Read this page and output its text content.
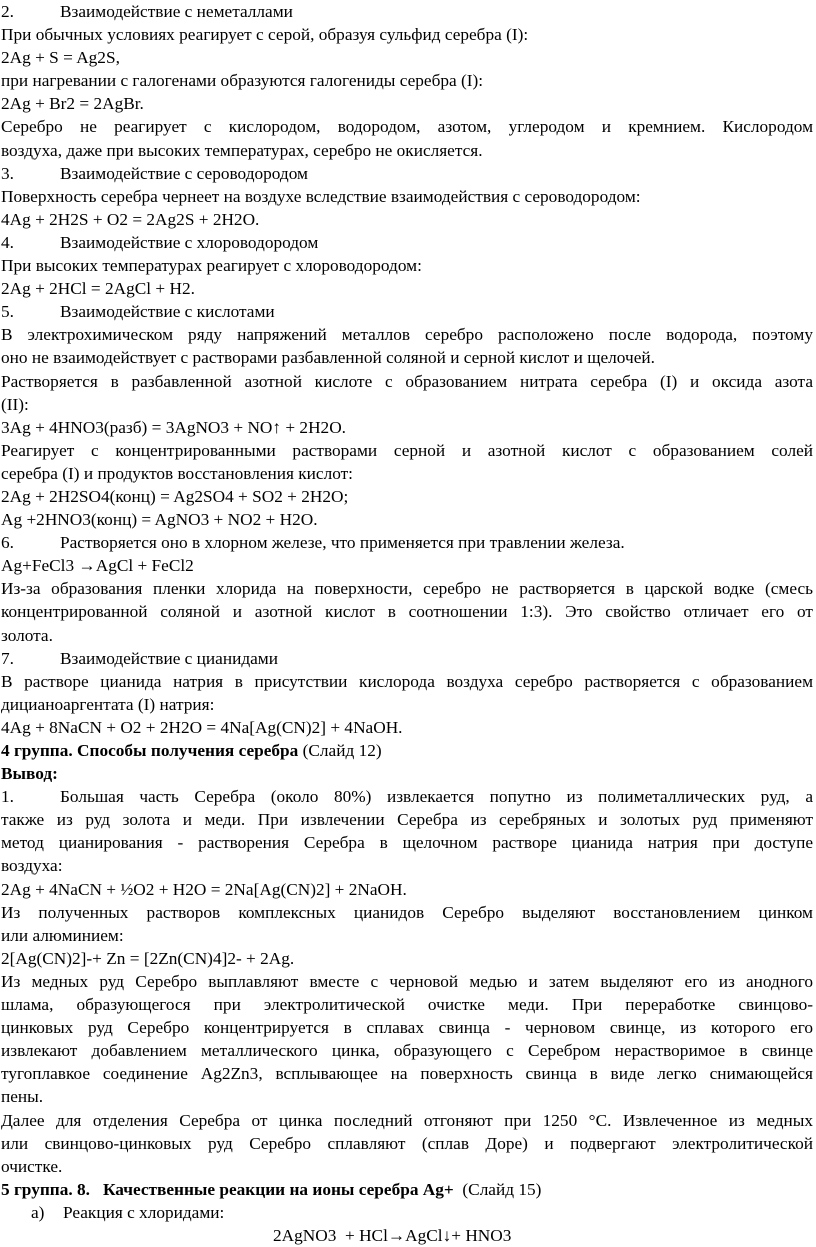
2.	Взаимодействие с неметаллами
При обычных условиях реагирует с серой, образуя сульфид серебра (I):
2Ag + S = Ag2S,
при нагревании с галогенами образуются галогениды серебра (I):
2Ag + Br2 = 2AgBr.
Серебро не реагирует с кислородом, водородом, азотом, углеродом и кремнием. Кислородом
воздуха, даже при высоких температурах, серебро не окисляется.
3.	Взаимодействие с сероводородом
Поверхность серебра чернеет на воздухе вследствие взаимодействия с сероводородом:
4Ag + 2H2S + O2 = 2Ag2S + 2H2O.
4.	Взаимодействие с хлороводородом
При высоких температурах реагирует с хлороводородом:
2Ag + 2HCl = 2AgCl + H2.
5.	Взаимодействие с кислотами
В электрохимическом ряду напряжений металлов серебро расположено после водорода, поэтому
оно не взаимодействует с растворами разбавленной соляной и серной кислот и щелочей.
Растворяется в разбавленной азотной кислоте с образованием нитрата серебра (I) и оксида азота
(II):
3Ag + 4HNO3(разб) = 3AgNO3 + NO↑ + 2H2O.
Реагирует с концентрированными растворами серной и азотной кислот с образованием солей
серебра (I) и продуктов восстановления кислот:
2Ag + 2H2SO4(конц) = Ag2SO4 + SO2 + 2H2O;
Ag +2HNO3(конц) = AgNO3 + NO2 + H2O.
6.	Растворяется оно в хлорном железе, что применяется при травлении железа.
Ag+FeCl3 →AgCl + FeCl2
Из-за образования пленки хлорида на поверхности, серебро не растворяется в царской водке (смесь
концентрированной соляной и азотной кислот в соотношении 1:3). Это свойство отличает его от
золота.
7.	Взаимодействие с цианидами
В растворе цианида натрия в присутствии кислорода воздуха серебро растворяется с образованием
дицианоаргентата (I) натрия:
4Ag + 8NaCN + O2 + 2H2O = 4Na[Ag(CN)2] + 4NaOH.
4 группа. Способы получения серебра (Слайд 12)
Вывод:
1.	Большая часть Серебра (около 80%) извлекается попутно из полиметаллических руд, а
также из руд золота и меди. При извлечении Серебра из серебряных и золотых руд применяют
метод цианирования - растворения Серебра в щелочном растворе цианида натрия при доступе
воздуха:
2Ag + 4NaCN + ½O2 + H2O = 2Na[Ag(CN)2] + 2NaOH.
Из полученных растворов комплексных цианидов Серебро выделяют восстановлением цинком
или алюминием:
2[Ag(CN)2]-+ Zn = [2Zn(CN)4]2- + 2Ag.
Из медных руд Серебро выплавляют вместе с черновой медью и затем выделяют его из анодного
шлама, образующегося при электролитической очистке меди. При переработке свинцово-
цинковых руд Серебро концентрируется в сплавах свинца - черновом свинце, из которого его
извлекают добавлением металлического цинка, образующего с Серебром нерастворимое в свинце
тугоплавкое соединение Ag2Zn3, всплывающее на поверхность свинца в виде легко снимающейся
пены.
Далее для отделения Серебра от цинка последний отгоняют при 1250 °С. Извлеченное из медных
или свинцово-цинковых руд Серебро сплавляют (сплав Доре) и подвергают электролитической
очистке.
5 группа. 8.   Качественные реакции на ионы серебра Ag+  (Слайд 15)
а)	Реакция с хлоридами:
2AgNO3  + HCl→AgCl↓+ HNO3
